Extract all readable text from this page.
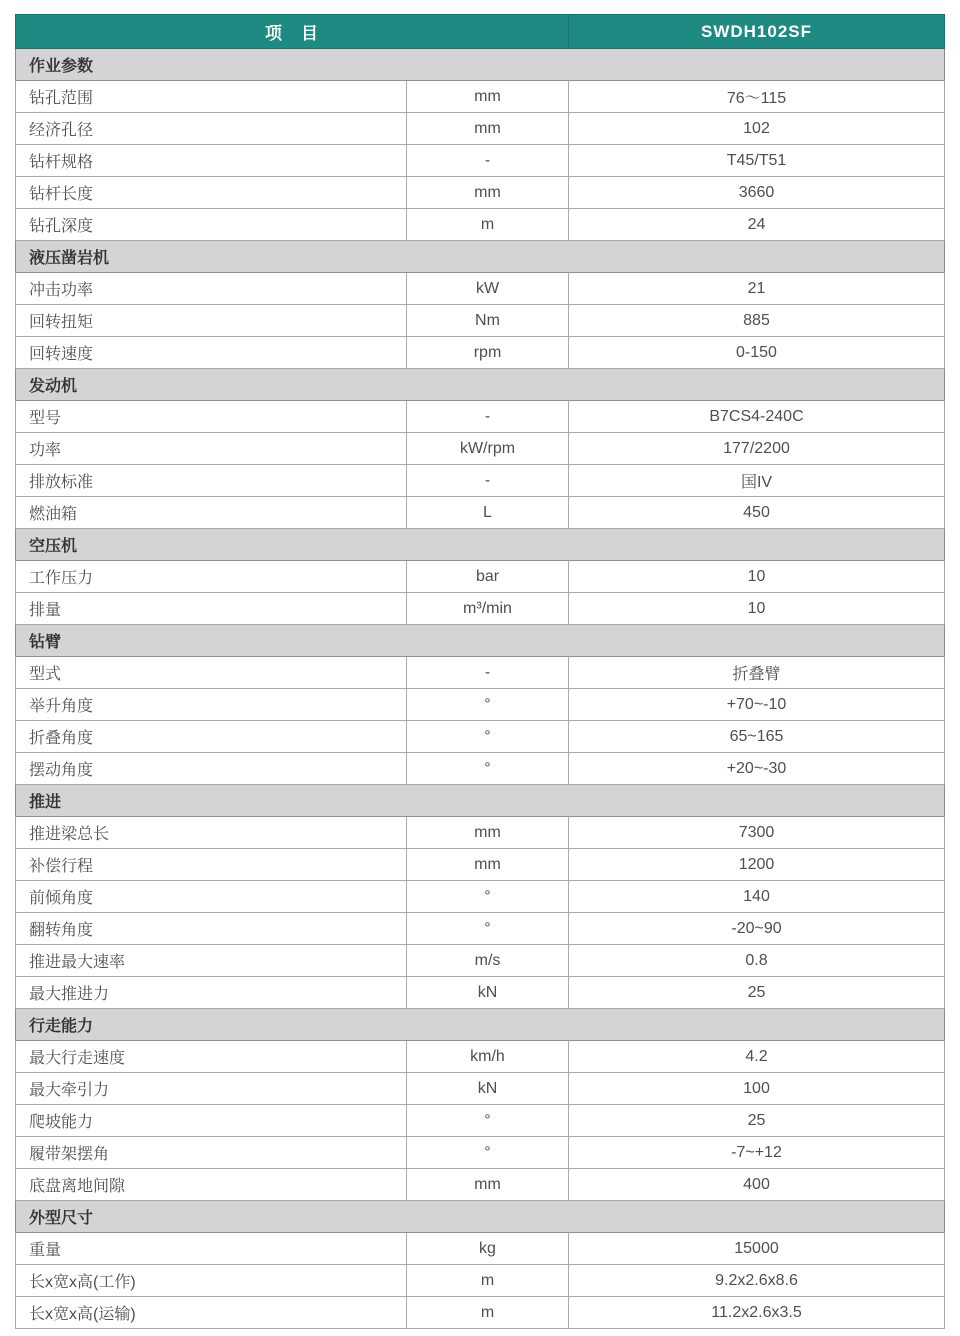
项　目		SWDH102SF
作业参数		
钻孔范围	mm	76～115
经济孔径	mm	102
钻杆规格	-	T45/T51
钻杆长度	mm	3660
钻孔深度	m	24
液压凿岩机		
冲击功率	kW	21
回转扭矩	Nm	885
回转速度	rpm	0-150
发动机		
型号	-	B7CS4-240C
功率	kW/rpm	177/2200
排放标准	-	国IV
燃油箱	L	450
空压机		
工作压力	bar	10
排量	m³/min	10
钻臂		
型式	-	折叠臂
举升角度	°	+70~-10
折叠角度	°	65~165
摆动角度	°	+20~-30
推进		
推进梁总长	mm	7300
补偿行程	mm	1200
前倾角度	°	140
翻转角度	°	-20~90
推进最大速率	m/s	0.8
最大推进力	kN	25
行走能力		
最大行走速度	km/h	4.2
最大牵引力	kN	100
爬坡能力	°	25
履带架摆角	°	-7~+12
底盘离地间隙	mm	400
外型尺寸		
重量	kg	15000
长x宽x高(工作)	m	9.2x2.6x8.6
长x宽x高(运输)	m	11.2x2.6x3.5
